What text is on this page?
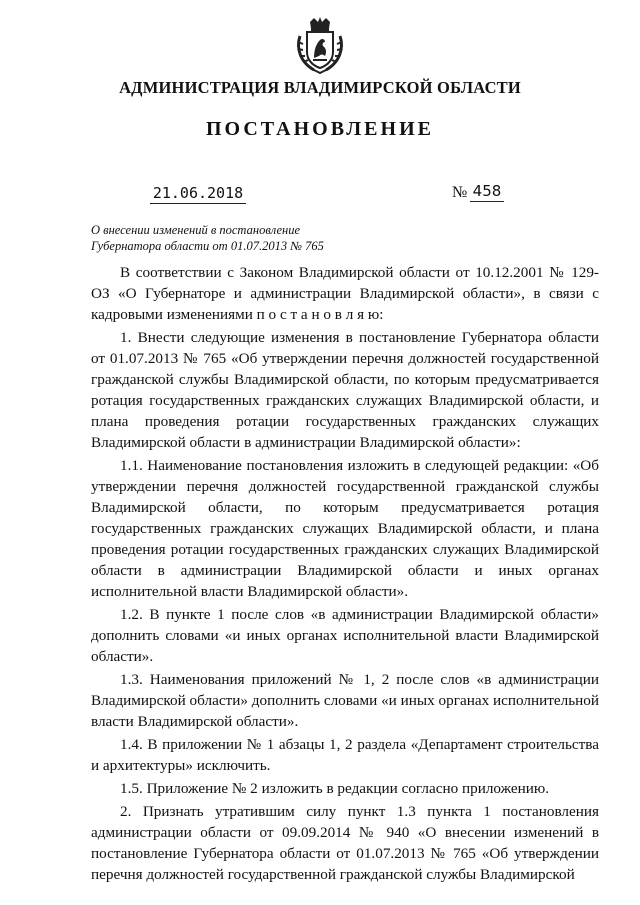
АДМИНИСТРАЦИЯ ВЛАДИМИРСКОЙ ОБЛАСТИ
ПОСТАНОВЛЕНИЕ
21.06.2018	№ 458
О внесении изменений в постановление
Губернатора области от 01.07.2013 № 765

В соответствии с Законом Владимирской области от 10.12.2001 № 129-ОЗ «О Губернаторе и администрации Владимирской области», в связи с кадровыми изменениями п о с т а н о в л я ю:

1. Внести следующие изменения в постановление Губернатора области от 01.07.2013 № 765 «Об утверждении перечня должностей государственной гражданской службы Владимирской области, по которым предусматривается ротация государственных гражданских служащих Владимирской области, и плана проведения ротации государственных гражданских служащих Владимирской области в администрации Владимирской области»:

1.1. Наименование постановления изложить в следующей редакции: «Об утверждении перечня должностей государственной гражданской службы Владимирской области, по которым предусматривается ротация государственных гражданских служащих Владимирской области, и плана проведения ротации государственных гражданских служащих Владимирской области в администрации Владимирской области и иных органах исполнительной власти Владимирской области».

1.2. В пункте 1 после слов «в администрации Владимирской области» дополнить словами «и иных органах исполнительной власти Владимирской области».

1.3. Наименования приложений № 1, 2 после слов «в администрации Владимирской области» дополнить словами «и иных органах исполнительной власти Владимирской области».

1.4. В приложении № 1 абзацы 1, 2 раздела «Департамент строительства и архитектуры» исключить.

1.5. Приложение № 2 изложить в редакции согласно приложению.

2. Признать утратившим силу пункт 1.3 пункта 1 постановления администрации области от 09.09.2014 № 940 «О внесении изменений в постановление Губернатора области от 01.07.2013 № 765 «Об утверждении перечня должностей государственной гражданской службы Владимирской
